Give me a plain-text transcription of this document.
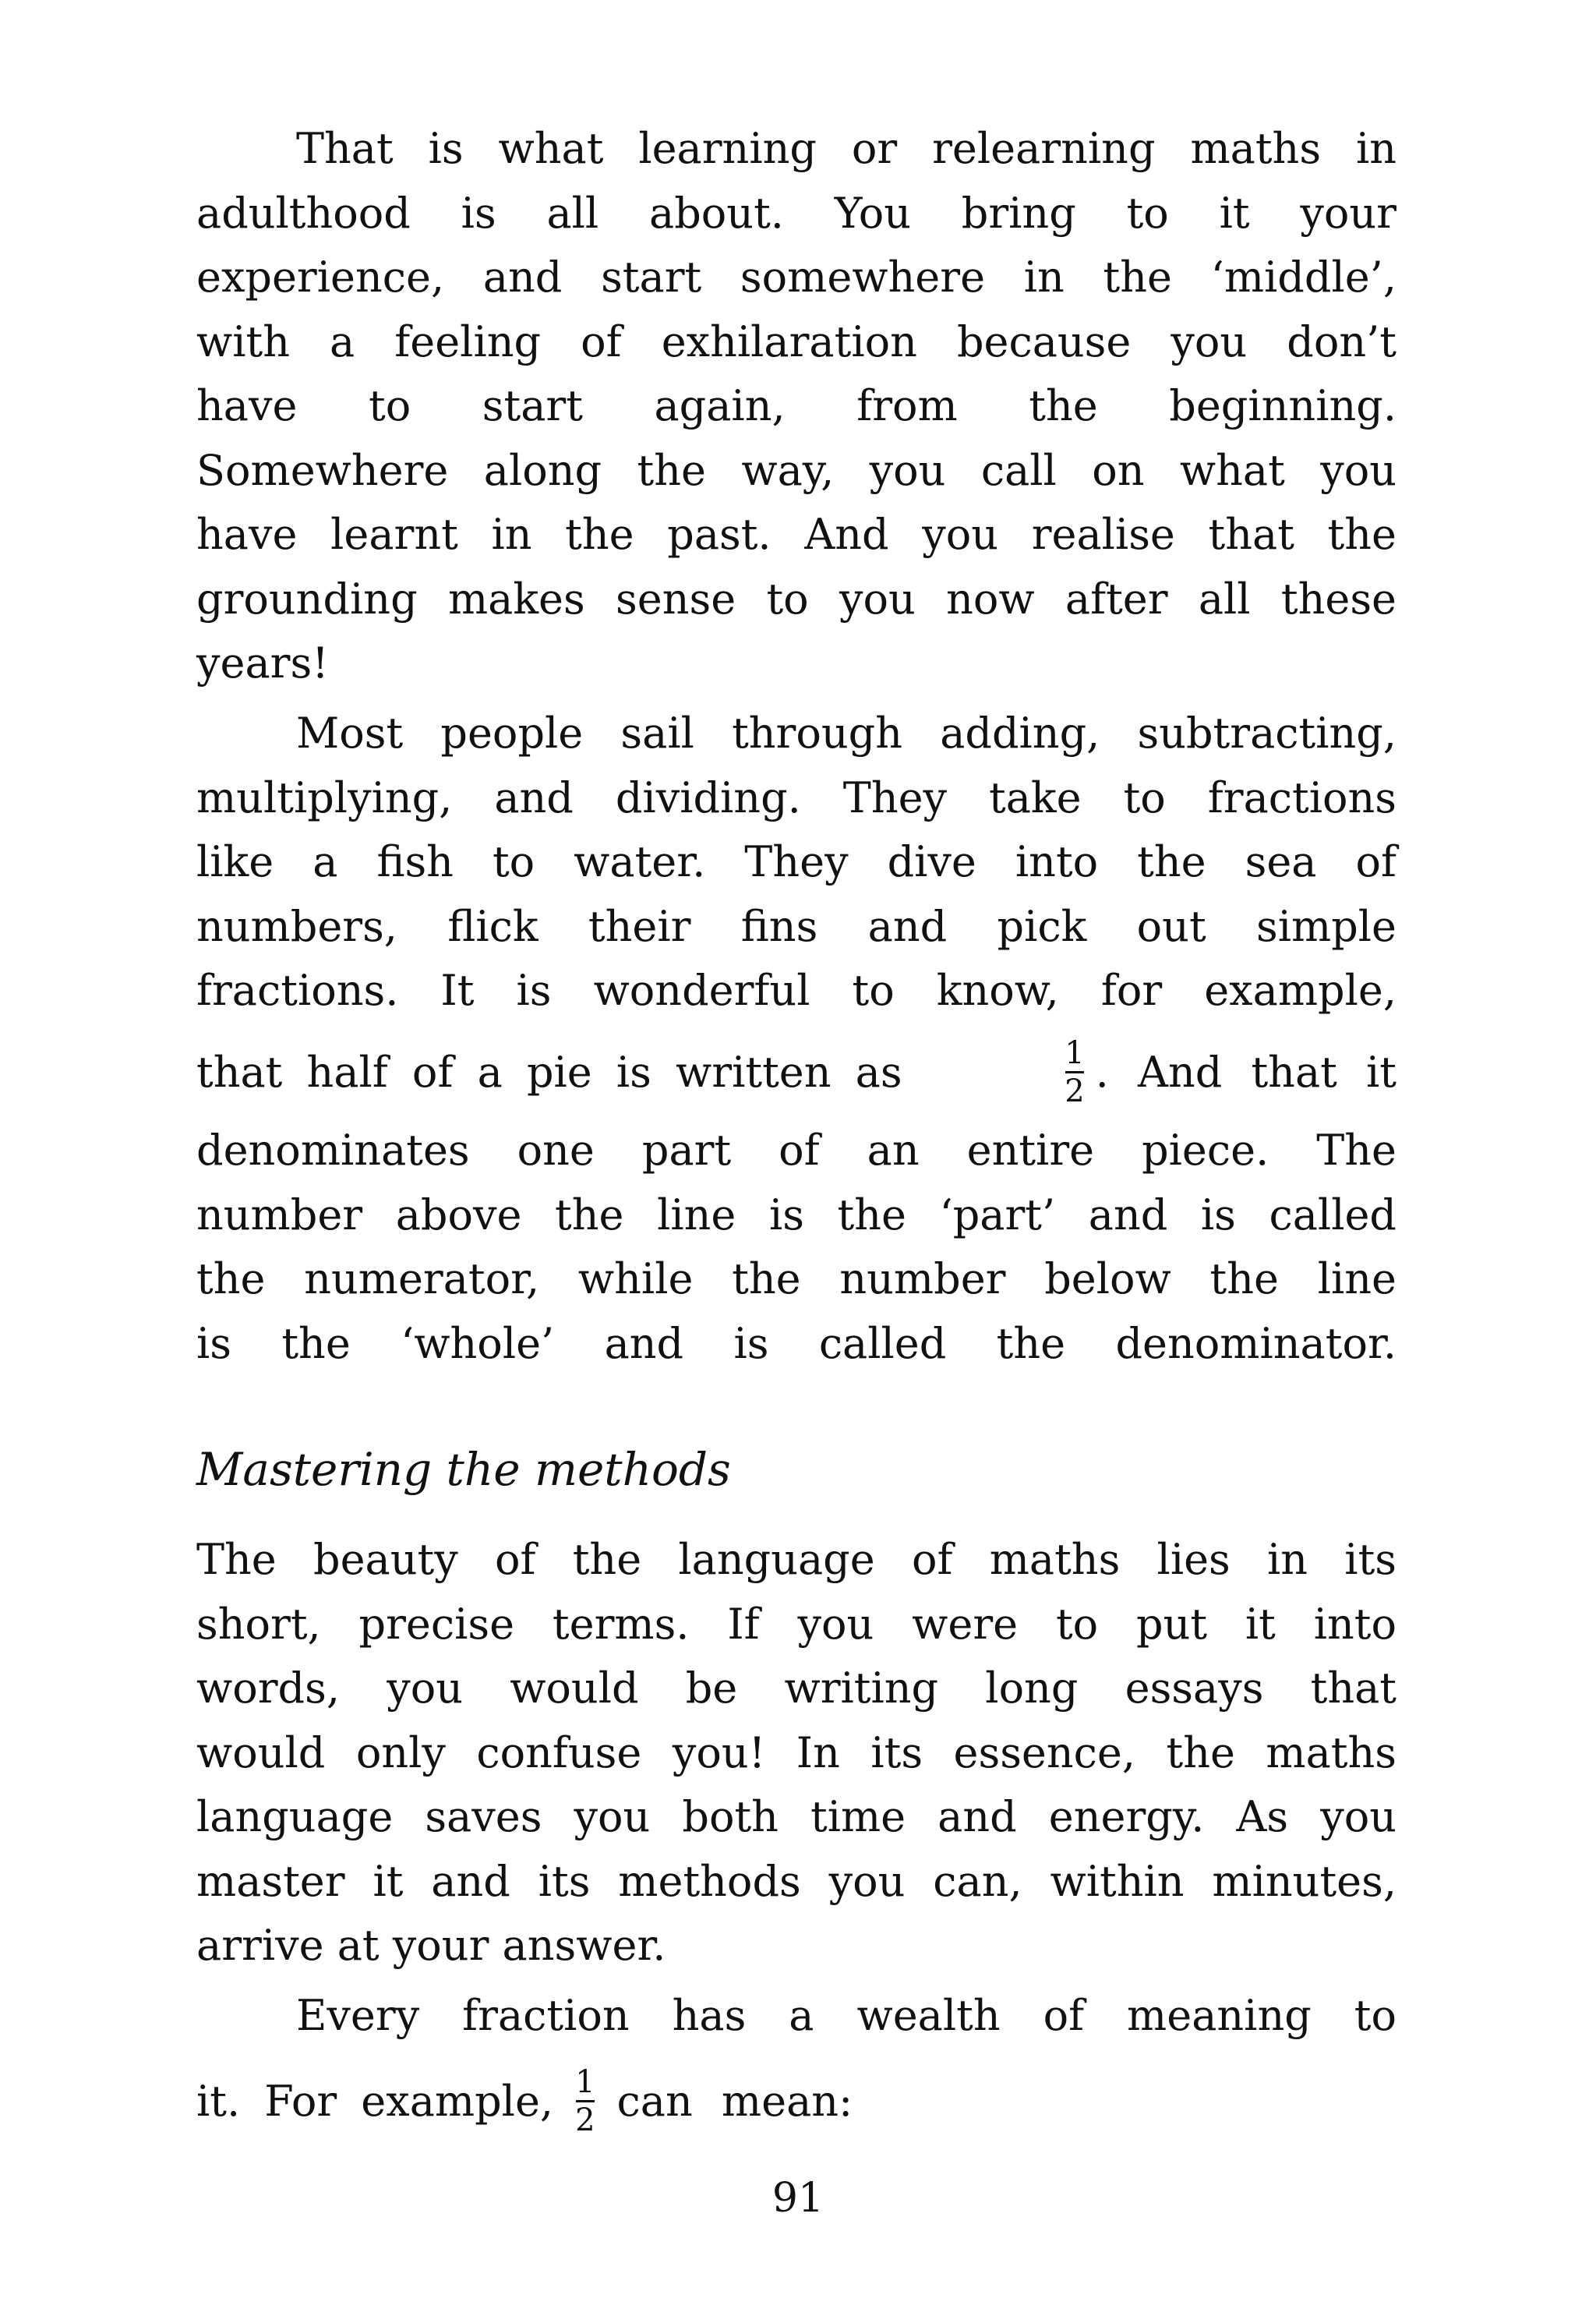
That is what learning or relearning maths in
adulthood is all about. You bring to it your
experience, and start somewhere in the ‘middle’,
with a feeling of exhilaration because you don’t
have to start again, from the beginning.
Somewhere along the way, you call on what you
have learnt in the past. And you realise that the
grounding makes sense to you now after all these
years!
Most people sail through adding, subtracting,
multiplying, and dividing. They take to fractions
like a fish to water. They dive into the sea of
numbers, flick their fins and pick out simple
fractions. It is wonderful to know, for example,
that half of a pie is written as	$\frac{1}{2}$ . And that it
denominates one part of an entire piece. The
number above the line is the ‘part’ and is called
the numerator, while the number below the line
is the ‘whole’ and is called the denominator.
Mastering the methods
The beauty of the language of maths lies in its
short, precise terms. If you were to put it into
words, you would be writing long essays that
would only confuse you! In its essence, the maths
language saves you both time and energy. As you
master it and its methods you can, within minutes,
arrive at your answer.
Every fraction has a wealth of meaning to
it. For example, $\frac{1}{2}$ can mean:
91
